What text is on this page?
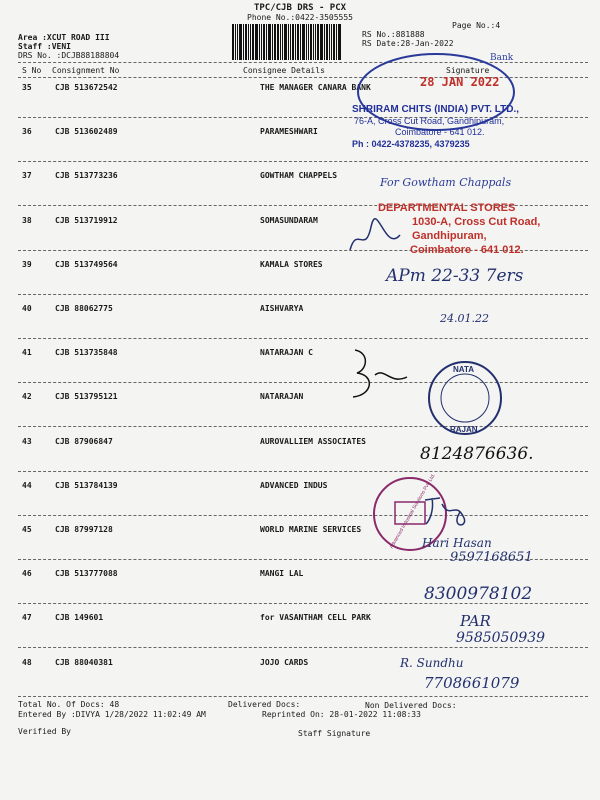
TPC/CJB DRS - PCX
Phone No.:0422-3505555
Area :XCUT ROAD III
Staff :VENI
DRS No. :DCJB88188804
RS No.:881888
RS Date:28-Jan-2022
Page No.:4
S No Consignment No	Consignee Details	Signature
35	CJB 513672542	THE MANAGER CANARA BANK
36	CJB 513602489	PARAMESHWARI
37	CJB 513773236	GOWTHAM CHAPPELS
38	CJB 513719912	SOMASUNDARAM
39	CJB 513749564	KAMALA STORES
40	CJB 88062775	AISHVARYA
41	CJB 513735848	NATARAJAN C
42	CJB 513795121	NATARAJAN
43	CJB 87906847	AUROVALLIEM ASSOCIATES
44	CJB 513784139	ADVANCED INDUS
45	CJB 87997128	WORLD MARINE SERVICES
46	CJB 513777088	MANGI LAL
47	CJB 149601	for VASANTHAM CELL PARK
48	CJB 88040381	JOJO CARDS
Bank
28 JAN 2022
SHRIRAM CHITS (INDIA) PVT. LTD.,
76-A, Cross Cut Road, Gandhipuram,
Coimbatore - 641 012.
Ph : 0422-4378235, 4379235
For Gowtham Chappals
DEPARTMENTAL STORES
1030-A, Cross Cut Road,
Gandhipuram,
Coimbatore - 641 012.
NATA
RAJAN
Advanced Industrial Solutions Pvt. Ltd.
APm 22-33 7ers
24.01.22
8124876636.
Hari Hasan
9597168651
8300978102
PAR
9585050939
R. Sundhu
7708661079
Total No. Of Docs: 48	Delivered Docs:	Non Delivered Docs:
Entered By :DIVYA 1/28/2022 11:02:49 AM	Reprinted On: 28-01-2022 11:08:33
Verified By	Staff Signature
